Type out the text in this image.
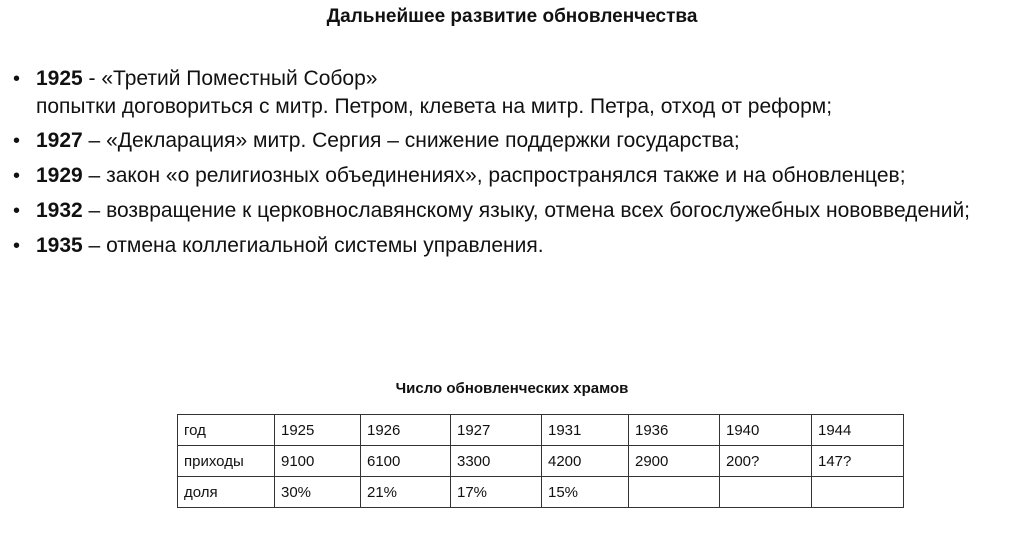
Дальнейшее развитие обновленчества
• 1925 - «Третий Поместный Собор»
попытки договориться с митр. Петром, клевета на митр. Петра, отход от реформ;
• 1927 – «Декларация» митр. Сергия – снижение поддержки государства;
• 1929 – закон «о религиозных объединениях», распространялся также и на обновленцев;
• 1932 – возвращение к церковнославянскому языку, отмена всех богослужебных нововведений;
• 1935 – отмена коллегиальной системы управления.
Число обновленческих храмов
год	1925	1926	1927	1931	1936	1940	1944
приходы	9100	6100	3300	4200	2900	200?	147?
доля	30%	21%	17%	15%			
